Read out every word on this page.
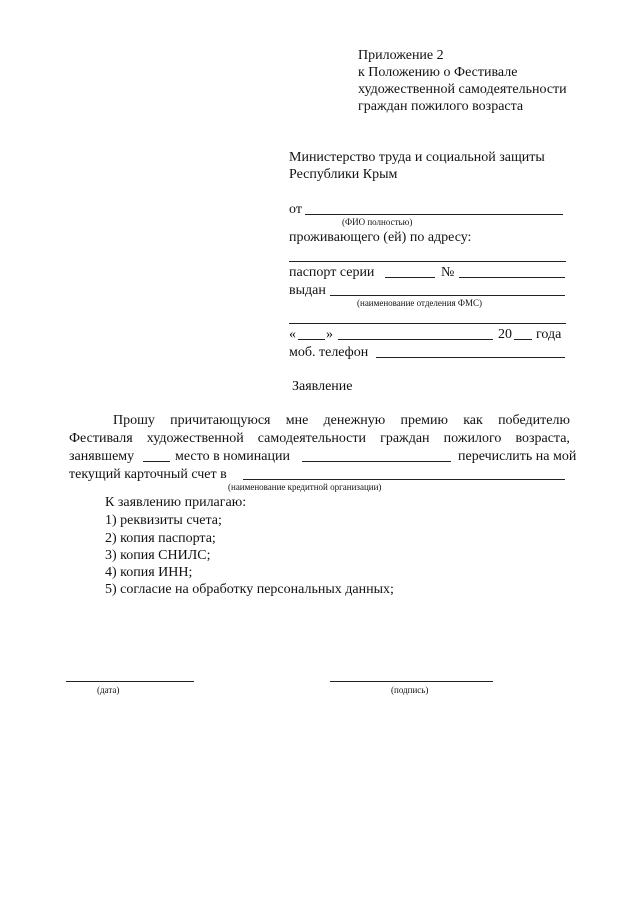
Приложение 2
к Положению о Фестивале
художественной самодеятельности
граждан пожилого возраста
Министерство труда и социальной защиты
Республики Крым
от
(ФИО полностью)
проживающего (ей) по адресу:
паспорт серии	№
выдан
(наименование отделения ФМС)
« »	20 года
моб. телефон
Заявление
Прошу причитающуюся мне денежную премию как победителю
Фестиваля художественной самодеятельности граждан пожилого возраста,
занявшему	место в номинации	перечислить на мой
текущий карточный счет в
(наименование кредитной организации)
К заявлению прилагаю:
1) реквизиты счета;
2) копия паспорта;
3) копия СНИЛС;
4) копия ИНН;
5) согласие на обработку персональных данных;
(дата)	(подпись)
